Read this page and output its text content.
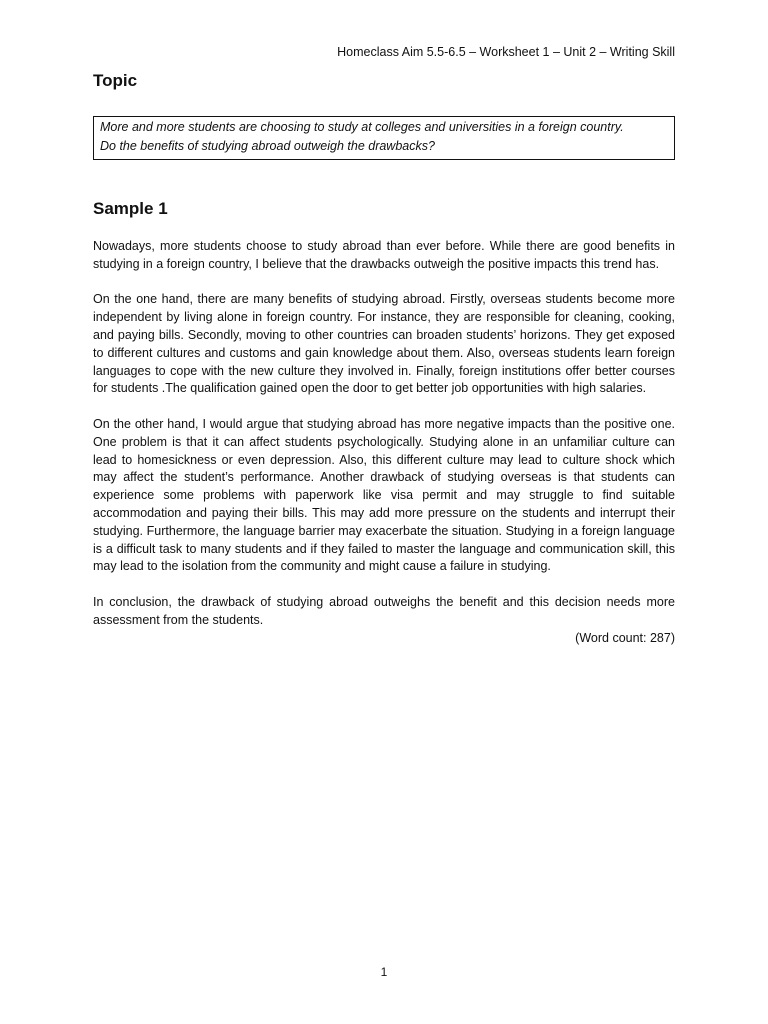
Homeclass Aim 5.5-6.5 – Worksheet 1 – Unit 2 – Writing Skill
Topic

More and more students are choosing to study at colleges and universities in a foreign country.

Do the benefits of studying abroad outweigh the drawbacks?

Sample 1

Nowadays, more students choose to study abroad than ever before. While there are good benefits in studying in a foreign country, I believe that the drawbacks outweigh the positive impacts this trend has.

On the one hand, there are many benefits of studying abroad. Firstly, overseas students become more independent by living alone in foreign country. For instance, they are responsible for cleaning, cooking, and paying bills. Secondly, moving to other countries can broaden students’ horizons. They get exposed to different cultures and customs and gain knowledge about them. Also, overseas students learn foreign languages to cope with the new culture they involved in. Finally, foreign institutions offer better courses for students .The qualification gained open the door to get better job opportunities with high salaries.

On the other hand, I would argue that studying abroad has more negative impacts than the positive one. One problem is that it can affect students psychologically. Studying alone in an unfamiliar culture can lead to homesickness or even depression. Also, this different culture may lead to culture shock which may affect the student’s performance. Another drawback of studying overseas is that students can experience some problems with paperwork like visa permit and may struggle to find suitable accommodation and paying their bills. This may add more pressure on the students and interrupt their studying. Furthermore, the language barrier may exacerbate the situation. Studying in a foreign language is a difficult task to many students and if they failed to master the language and communication skill, this may lead to the isolation from the community and might cause a failure in studying.

In conclusion, the drawback of studying abroad outweighs the benefit and this decision needs more assessment from the students.

(Word count: 287)
1
